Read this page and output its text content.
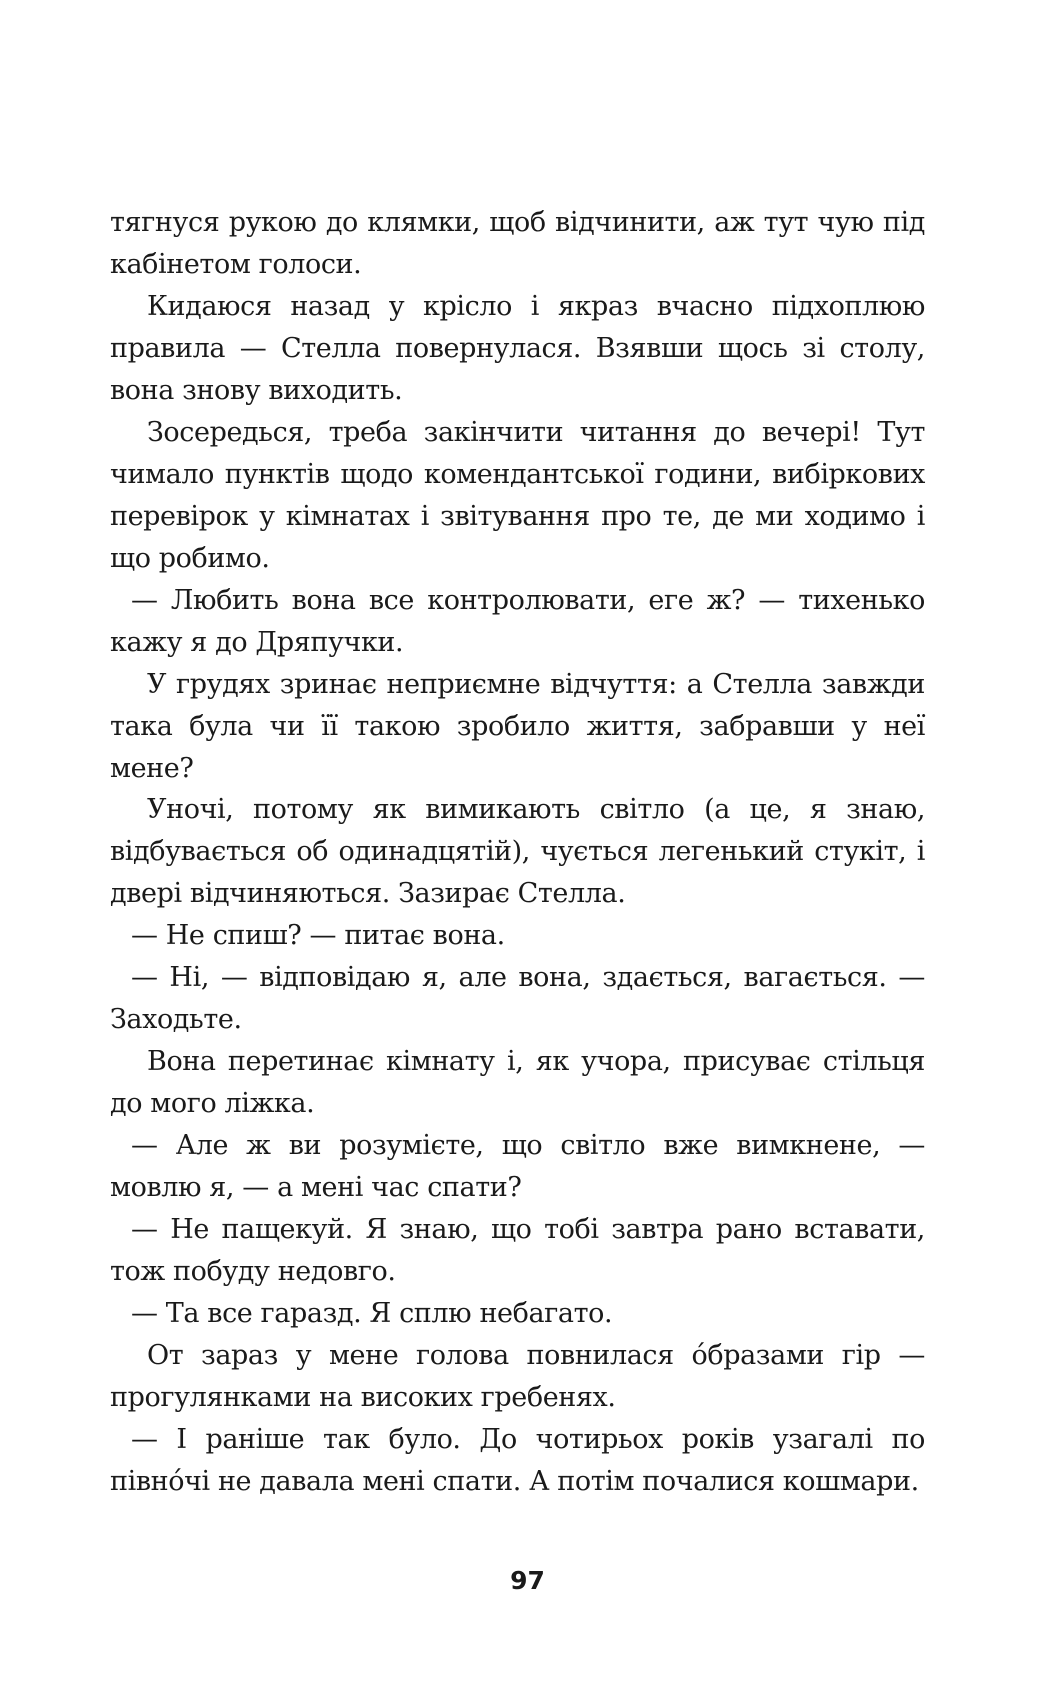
тягнуся рукою до клямки, щоб відчинити, аж тут чую під кабінетом голоси.

Кидаюся назад у крісло і якраз вчасно підхоплюю правила — Стелла повернулася. Взявши щось зі столу, вона знову виходить.

Зосередься, треба закінчити читання до вечері! Тут чимало пунктів щодо комендантської години, вибіркових перевірок у кімнатах і звітування про те, де ми ходимо і що робимо.

— Любить вона все контролювати, еге ж? — тихенько кажу я до Дряпучки.

У грудях зринає неприємне відчуття: а Стелла завжди така була чи її такою зробило життя, забравши у неї мене?

Уночі, потому як вимикають світло (а це, я знаю, відбувається об одинадцятій), чується легенький стукіт, і двері відчиняються. Зазирає Стелла.

— Не спиш? — питає вона.

— Ні, — відповідаю я, але вона, здається, вагається. — Заходьте.

Вона перетинає кімнату і, як учора, присуває стільця до мого ліжка.

— Але ж ви розумієте, що світло вже вимкнене, — мовлю я, — а мені час спати?

— Не пащекуй. Я знаю, що тобі завтра рано вставати, тож побуду недовго.

— Та все гаразд. Я сплю небагато.

От зараз у мене голова повнилася óбразами гір — прогулянками на високих гребенях.

— І раніше так було. До чотирьох років узагалі по півнóчі не давала мені спати. А потім почалися кошмари.

97
